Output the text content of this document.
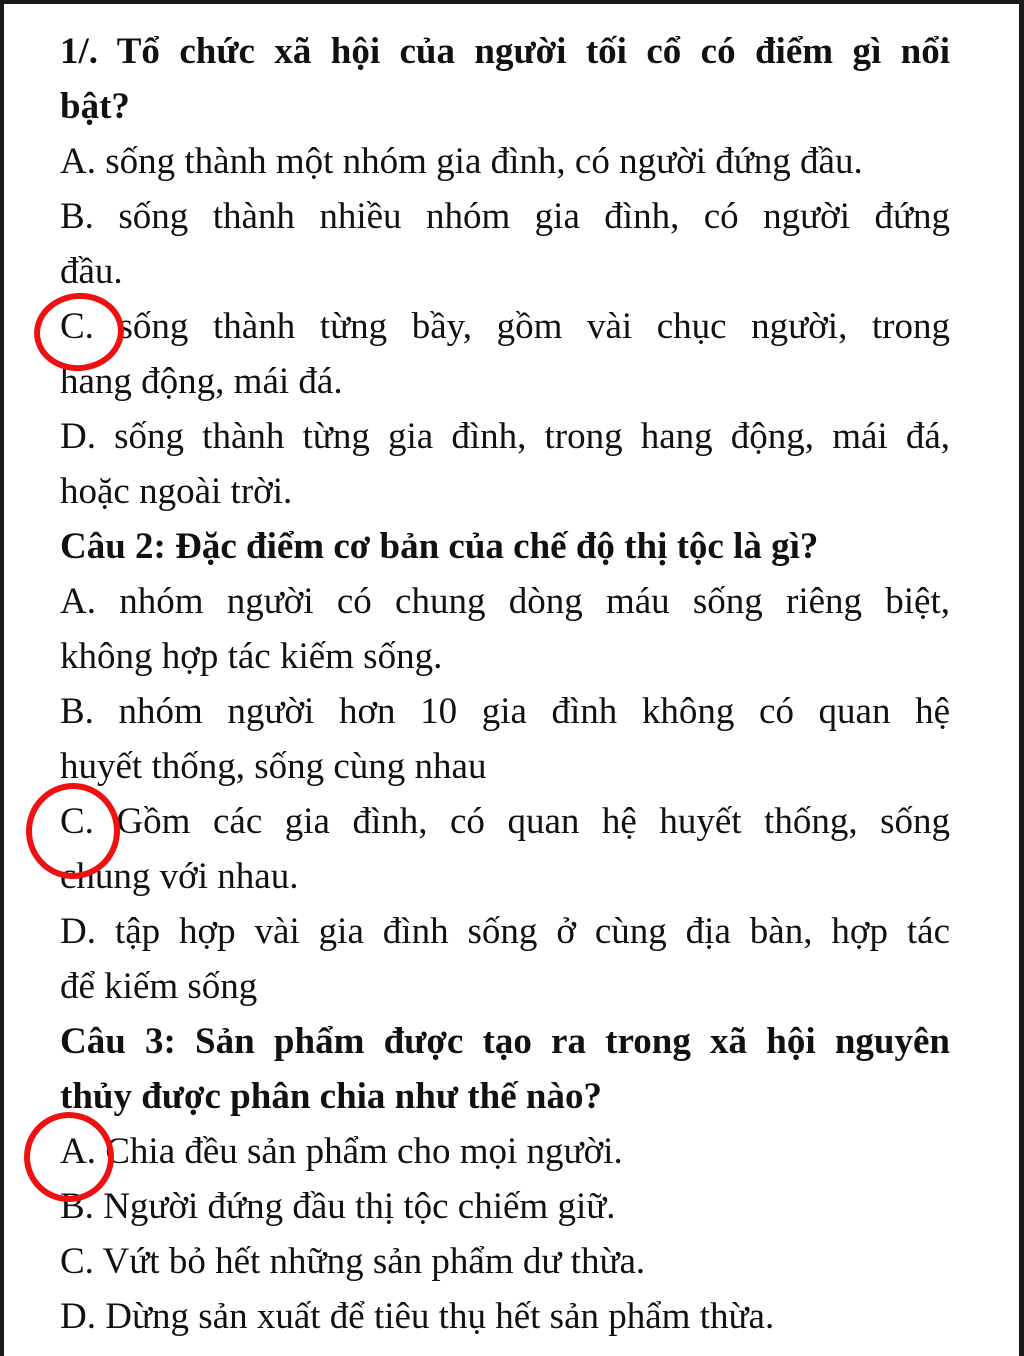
1/. Tổ chức xã hội của người tối cổ có điểm gì nổi
bật?
A. sống thành một nhóm gia đình, có người đứng đầu.
B. sống thành nhiều nhóm gia đình, có người đứng
đầu.
C. sống thành từng bầy, gồm vài chục người, trong
hang động, mái đá.
D. sống thành từng gia đình, trong hang động, mái đá,
hoặc ngoài trời.
Câu 2: Đặc điểm cơ bản của chế độ thị tộc là gì?
A. nhóm người có chung dòng máu sống riêng biệt,
không hợp tác kiếm sống.
B. nhóm người hơn 10 gia đình không có quan hệ
huyết thống, sống cùng nhau
C. Gồm các gia đình, có quan hệ huyết thống, sống
chung với nhau.
D. tập hợp vài gia đình sống ở cùng địa bàn, hợp tác
để kiếm sống
Câu 3: Sản phẩm được tạo ra trong xã hội nguyên
thủy được phân chia như thế nào?
A. Chia đều sản phẩm cho mọi người.
B. Người đứng đầu thị tộc chiếm giữ.
C. Vứt bỏ hết những sản phẩm dư thừa.
D. Dừng sản xuất để tiêu thụ hết sản phẩm thừa.
